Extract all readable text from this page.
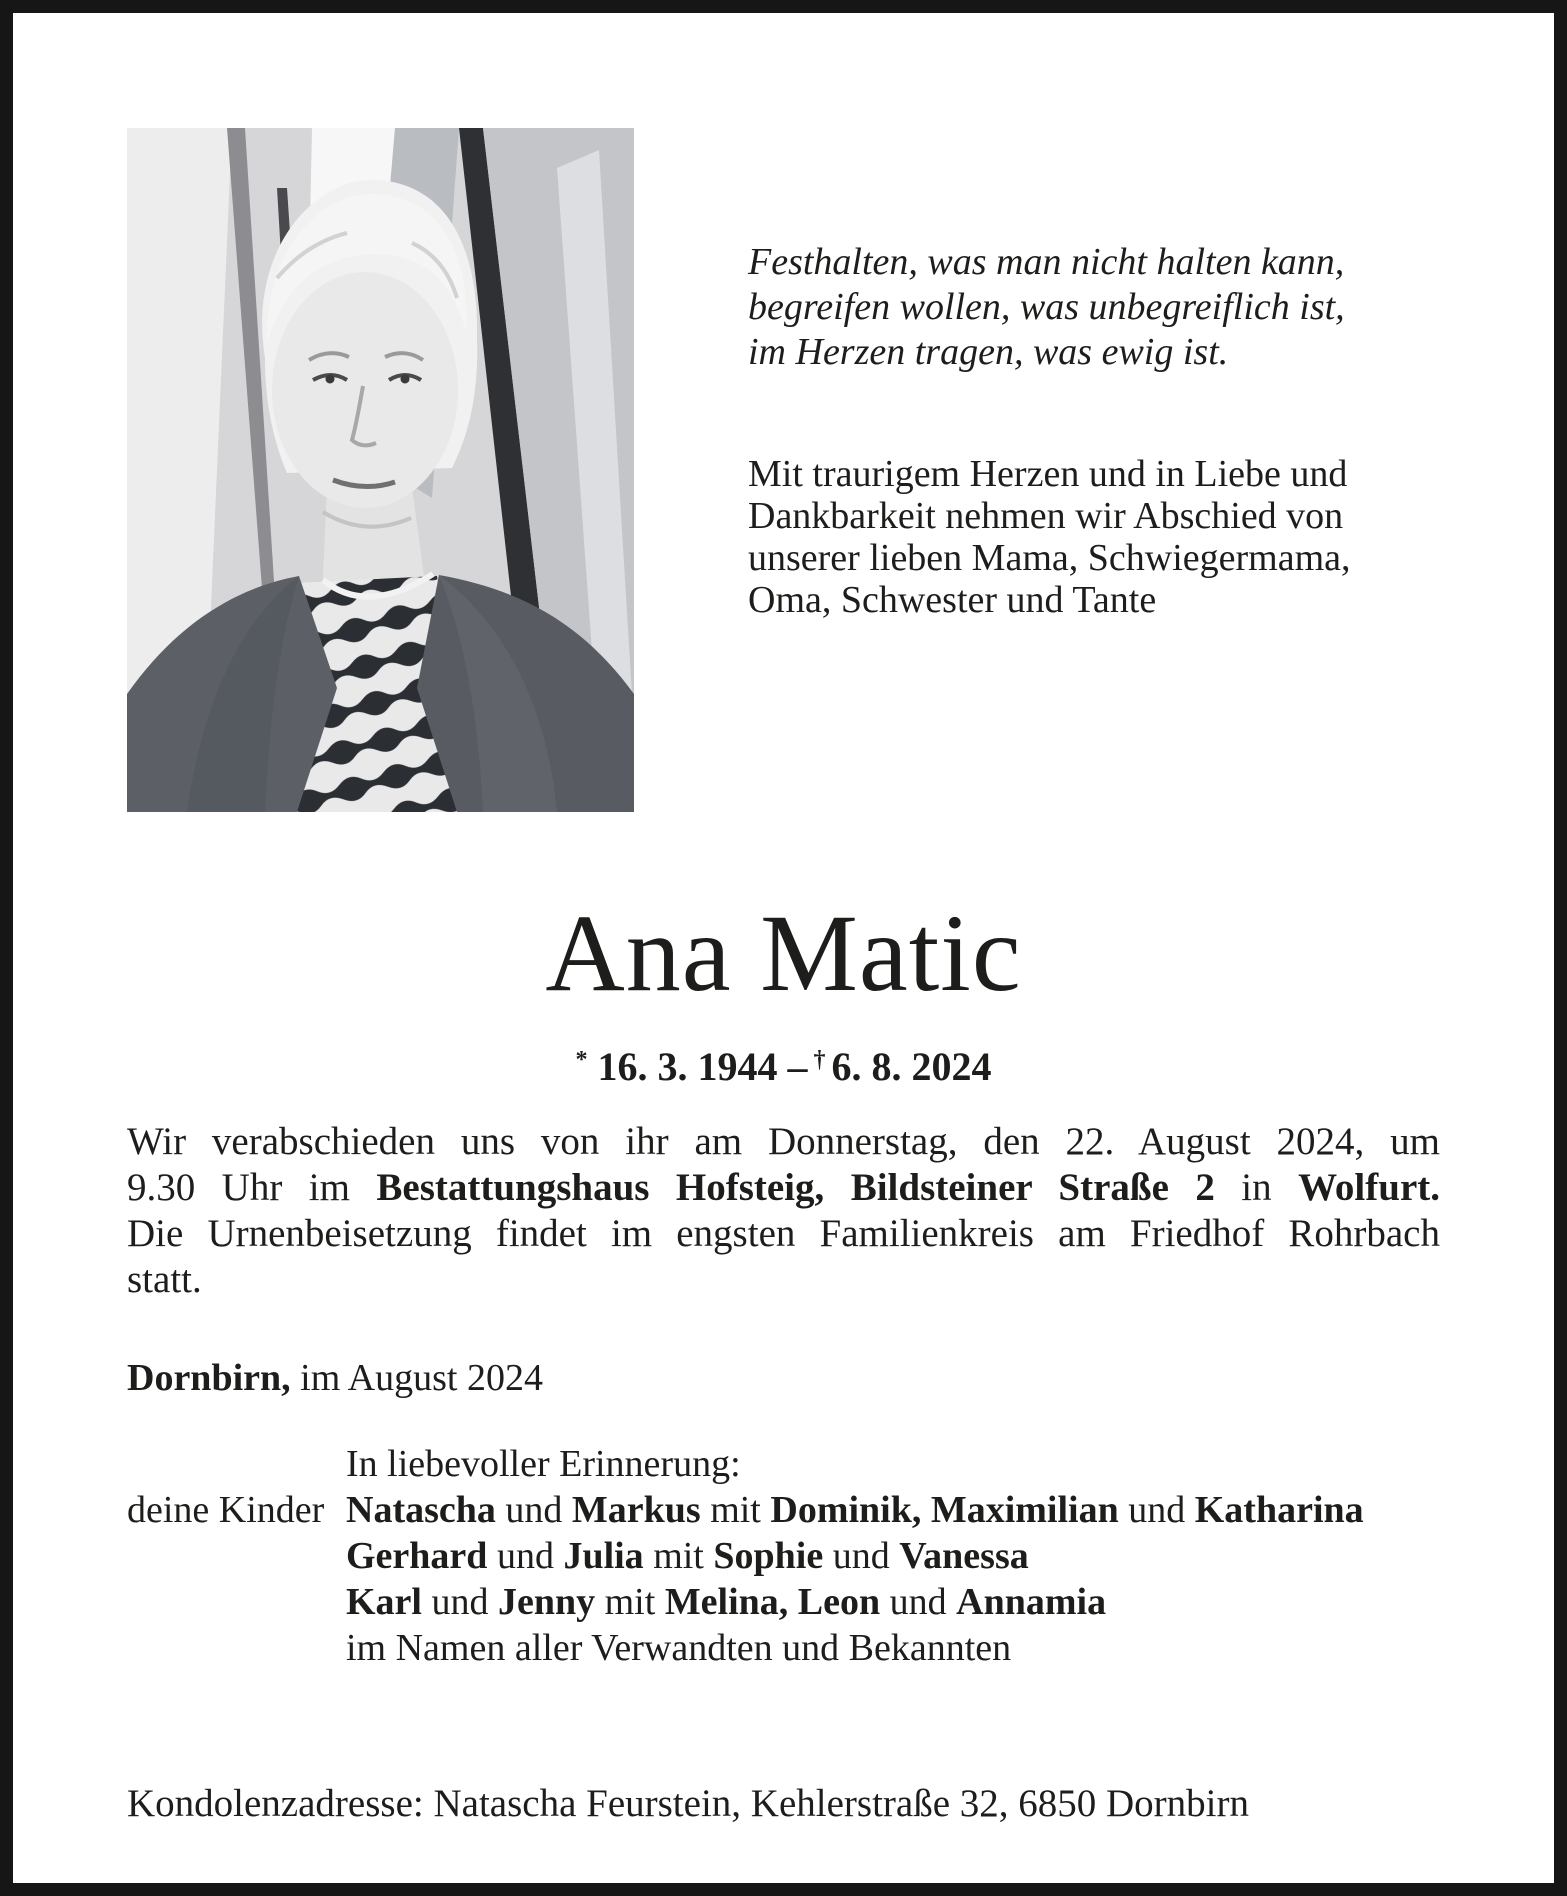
Festhalten, was man nicht halten kann,
begreifen wollen, was unbegreiflich ist,
im Herzen tragen, was ewig ist.
Mit traurigem Herzen und in Liebe und
Dankbarkeit nehmen wir Abschied von
unserer lieben Mama, Schwiegermama,
Oma, Schwester und Tante
Ana Matic
* 16. 3. 1944 – † 6. 8. 2024
Wir verabschieden uns von ihr am Donnerstag, den 22. August 2024, um
9.30 Uhr im Bestattungshaus Hofsteig, Bildsteiner Straße 2 in Wolfurt.
Die Urnenbeisetzung findet im engsten Familienkreis am Friedhof Rohrbach
statt.
Dornbirn, im August 2024
In liebevoller Erinnerung:
deine Kinder Natascha und Markus mit Dominik, Maximilian und Katharina
Gerhard und Julia mit Sophie und Vanessa
Karl und Jenny mit Melina, Leon und Annamia
im Namen aller Verwandten und Bekannten
Kondolenzadresse: Natascha Feurstein, Kehlerstraße 32, 6850 Dornbirn
